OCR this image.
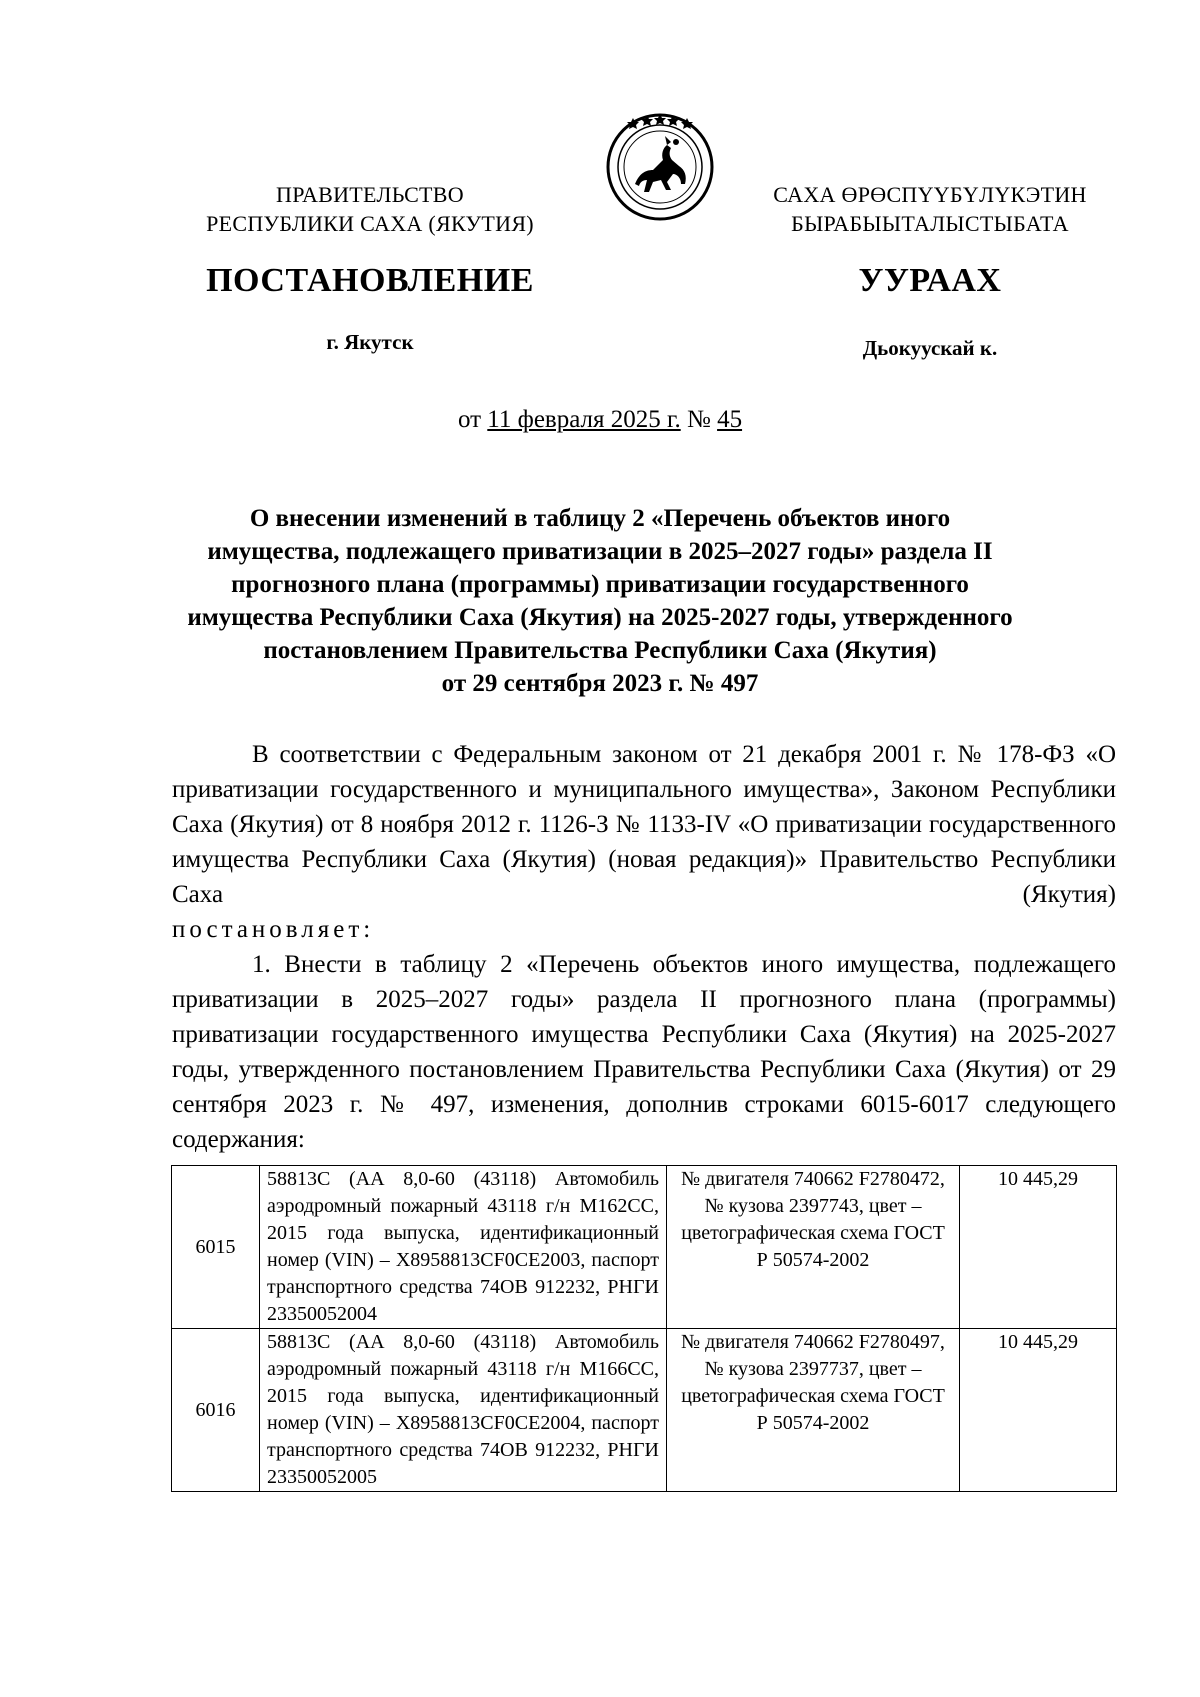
ПРАВИТЕЛЬСТВО
РЕСПУБЛИКИ САХА (ЯКУТИЯ)
САХА ӨРӨСПҮҮБҮЛҮКЭТИН
БЫРАБЫЫТАЛЫСТЫБАТА
ПОСТАНОВЛЕНИЕ	УУРААХ
г. Якутск	Дьокуускай к.
от 11 февраля 2025 г. № 45
О внесении изменений в таблицу 2 «Перечень объектов иного
имущества, подлежащего приватизации в 2025–2027 годы» раздела II
прогнозного плана (программы) приватизации государственного
имущества Республики Саха (Якутия) на 2025-2027 годы, утвержденного
постановлением Правительства Республики Саха (Якутия)
от 29 сентября 2023 г. № 497
В соответствии с Федеральным законом от 21 декабря 2001 г. № 178-ФЗ «О приватизации государственного и муниципального имущества», Законом Республики Саха (Якутия) от 8 ноября 2012 г. 1126-З № 1133-IV «О приватизации государственного имущества Республики Саха (Якутия) (новая редакция)» Правительство Республики Саха (Якутия)
постановляет:
1. Внести в таблицу 2 «Перечень объектов иного имущества, подлежащего приватизации в 2025–2027 годы» раздела II прогнозного плана (программы) приватизации государственного имущества Республики Саха (Якутия) на 2025-2027 годы, утвержденного постановлением Правительства Республики Саха (Якутия) от 29 сентября 2023 г. № 497, изменения, дополнив строками 6015-6017 следующего содержания:
6015	58813C (АА 8,0-60 (43118) Автомобиль аэродромный пожарный 43118 г/н М162СС, 2015 года выпуска, идентификационный номер (VIN) – X8958813CF0CE2003, паспорт транспортного средства 74ОВ 912232, РНГИ 23350052004	№ двигателя 740662 F2780472, № кузова 2397743, цвет – цветографическая схема ГОСТ Р 50574-2002	10 445,29
6016	58813C (АА 8,0-60 (43118) Автомобиль аэродромный пожарный 43118 г/н М166СС, 2015 года выпуска, идентификационный номер (VIN) – X8958813CF0CE2004, паспорт транспортного средства 74ОВ 912232, РНГИ 23350052005	№ двигателя 740662 F2780497, № кузова 2397737, цвет – цветографическая схема ГОСТ Р 50574-2002	10 445,29
